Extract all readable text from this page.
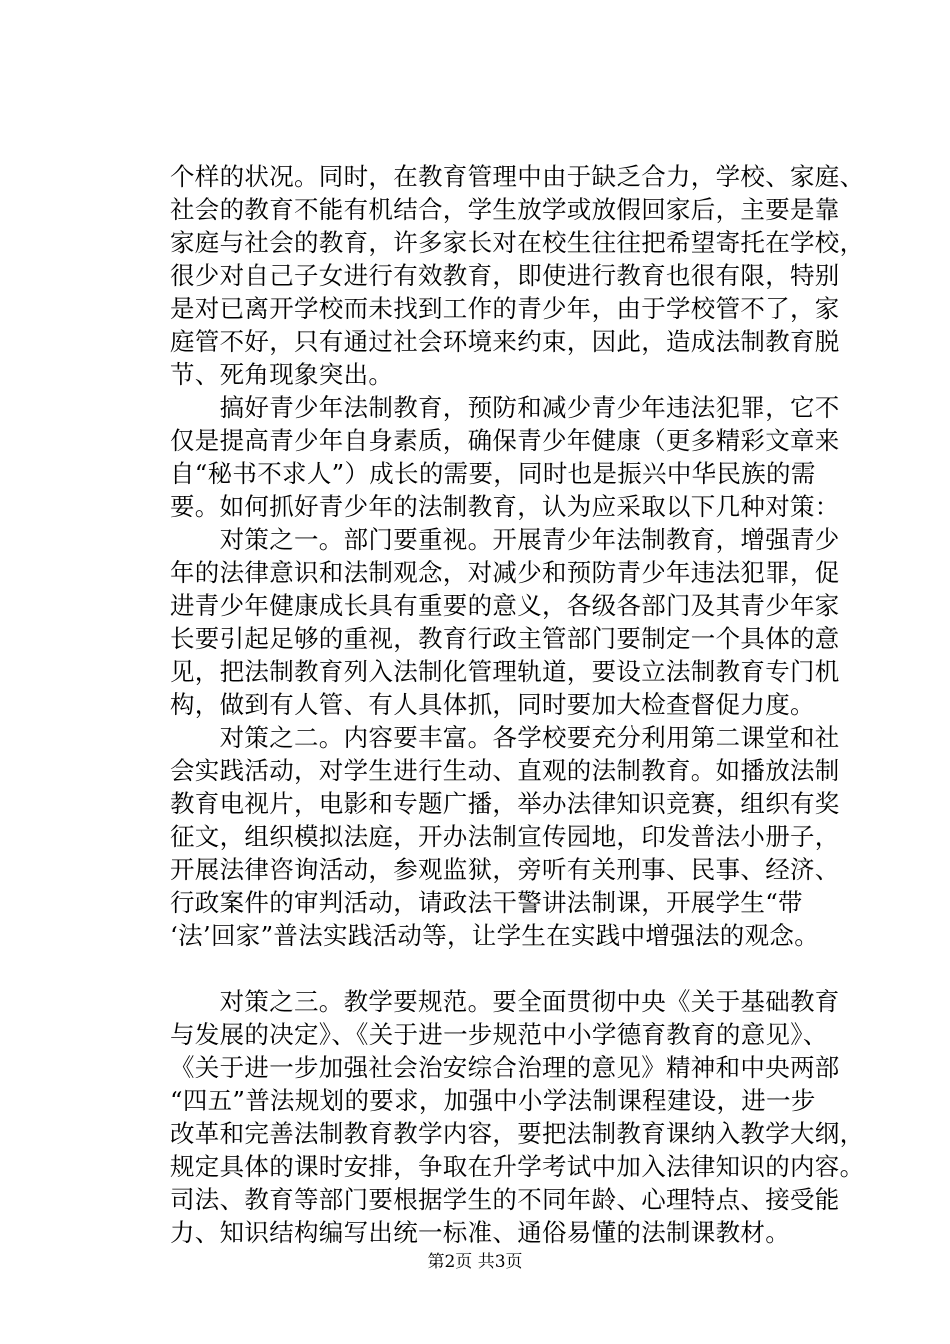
个样的状况。同时，在教育管理中由于缺乏合力，学校、家庭、
社会的教育不能有机结合，学生放学或放假回家后，主要是靠
家庭与社会的教育，许多家长对在校生往往把希望寄托在学校，
很少对自己子女进行有效教育，即使进行教育也很有限，特别
是对已离开学校而未找到工作的青少年，由于学校管不了，家
庭管不好，只有通过社会环境来约束，因此，造成法制教育脱
节、死角现象突出。
　　搞好青少年法制教育，预防和减少青少年违法犯罪，它不
仅是提高青少年自身素质，确保青少年健康（更多精彩文章来
自“秘书不求人”）成长的需要，同时也是振兴中华民族的需
要。如何抓好青少年的法制教育，认为应采取以下几种对策：
　　对策之一。部门要重视。开展青少年法制教育，增强青少
年的法律意识和法制观念，对减少和预防青少年违法犯罪，促
进青少年健康成长具有重要的意义，各级各部门及其青少年家
长要引起足够的重视，教育行政主管部门要制定一个具体的意
见，把法制教育列入法制化管理轨道，要设立法制教育专门机
构，做到有人管、有人具体抓，同时要加大检查督促力度。
　　对策之二。内容要丰富。各学校要充分利用第二课堂和社
会实践活动，对学生进行生动、直观的法制教育。如播放法制
教育电视片，电影和专题广播，举办法律知识竞赛，组织有奖
征文，组织模拟法庭，开办法制宣传园地，印发普法小册子，
开展法律咨询活动，参观监狱，旁听有关刑事、民事、经济、
行政案件的审判活动，请政法干警讲法制课，开展学生“带
‘法’回家”普法实践活动等，让学生在实践中增强法的观念。
　　对策之三。教学要规范。要全面贯彻中央《关于基础教育
与发展的决定》、《关于进一步规范中小学德育教育的意见》、
《关于进一步加强社会治安综合治理的意见》精神和中央两部
“四五”普法规划的要求，加强中小学法制课程建设，进一步
改革和完善法制教育教学内容，要把法制教育课纳入教学大纲，
规定具体的课时安排，争取在升学考试中加入法律知识的内容。
司法、教育等部门要根据学生的不同年龄、心理特点、接受能
力、知识结构编写出统一标准、通俗易懂的法制课教材。
第2页 共3页
